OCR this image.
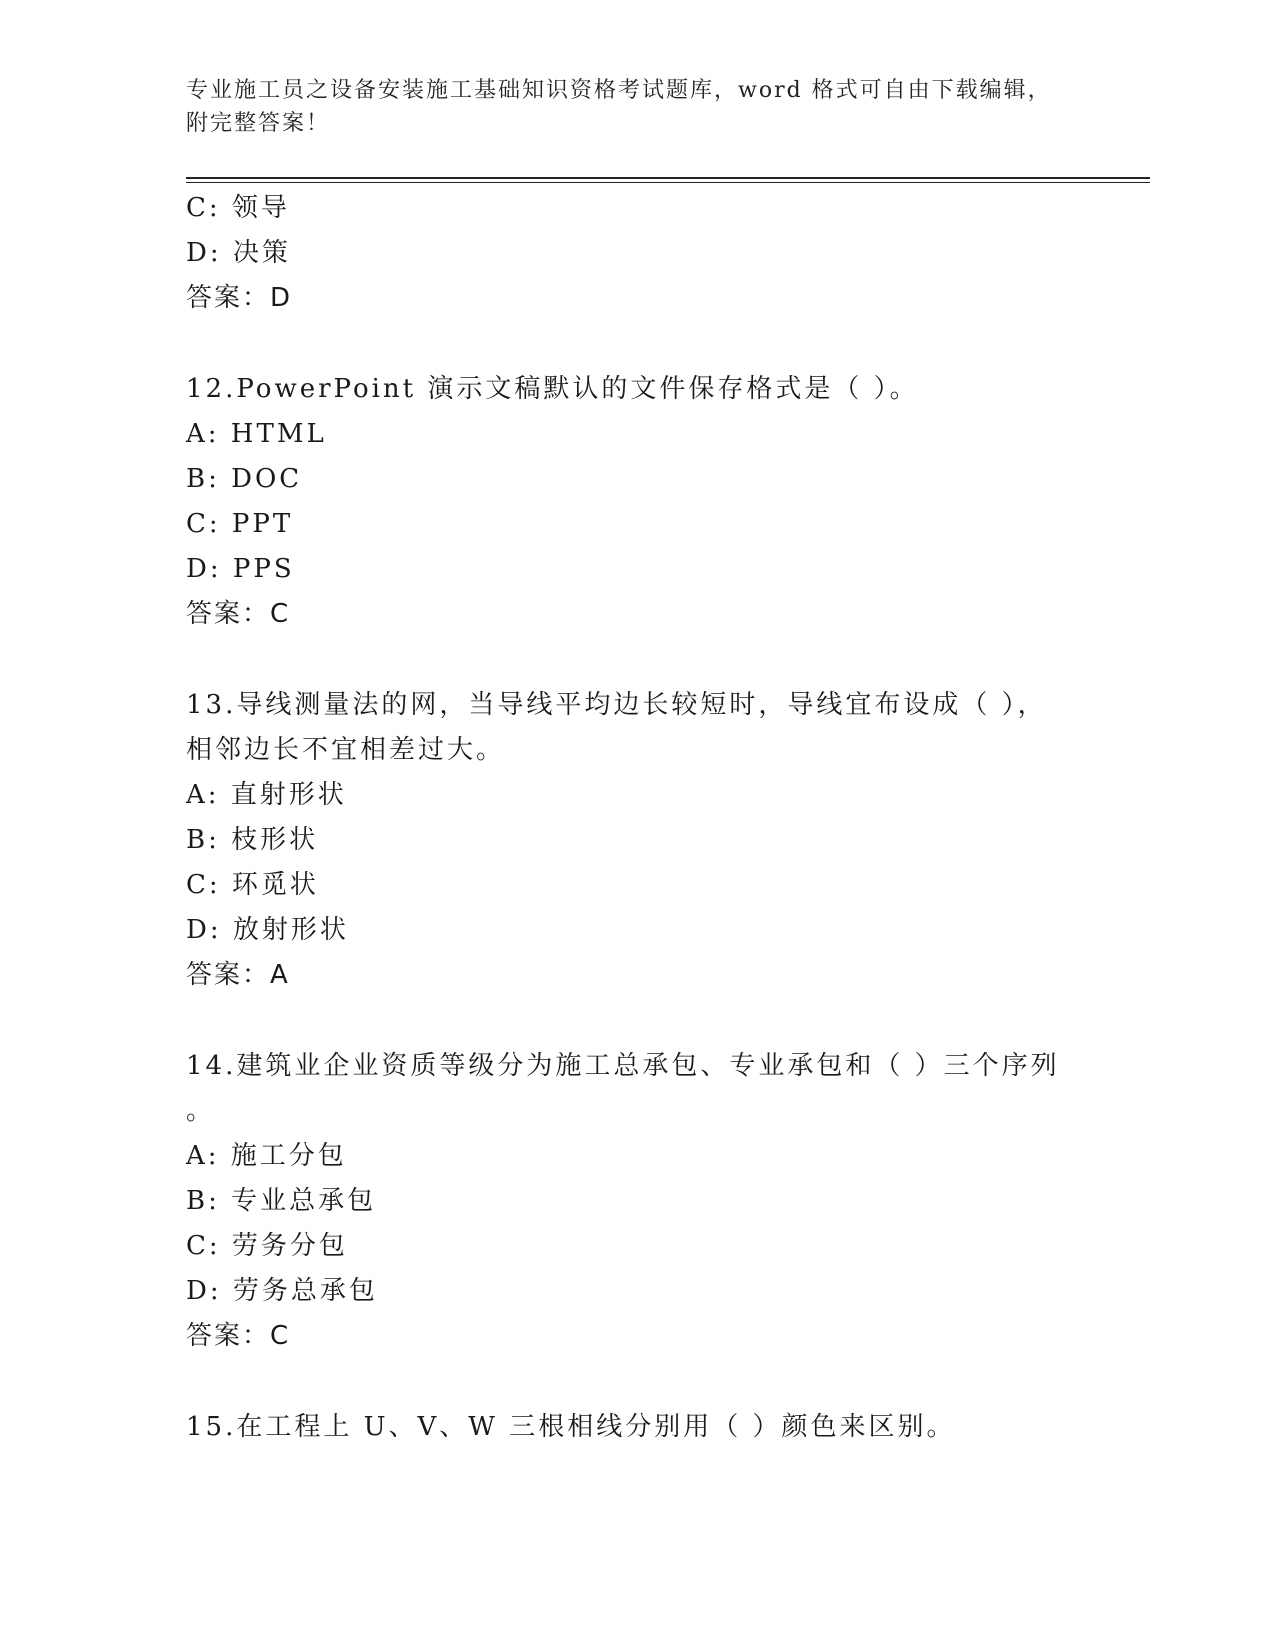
专业施工员之设备安装施工基础知识资格考试题库，word 格式可自由下载编辑，
附完整答案！
C: 领导
D: 决策
答案：D
12.PowerPoint 演示文稿默认的文件保存格式是（ ）。
A: HTML
B: DOC
C: PPT
D: PPS
答案：C
13.导线测量法的网，当导线平均边长较短时，导线宜布设成（ ），
相邻边长不宜相差过大。
A: 直射形状
B: 枝形状
C: 环觅状
D: 放射形状
答案：A
14.建筑业企业资质等级分为施工总承包、专业承包和（ ）三个序列
。
A: 施工分包
B: 专业总承包
C: 劳务分包
D: 劳务总承包
答案：C
15.在工程上 U、V、W 三根相线分别用（ ）颜色来区别。
